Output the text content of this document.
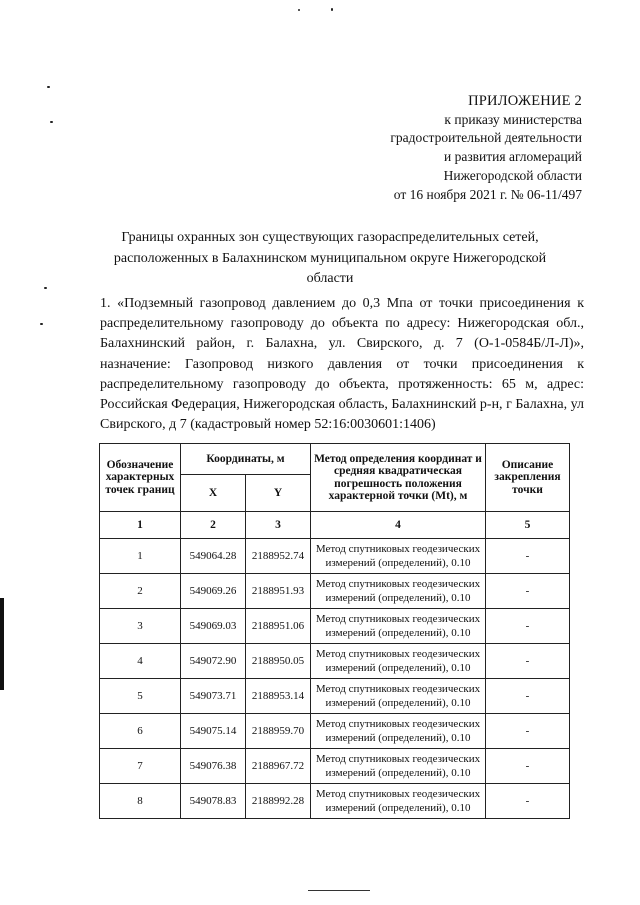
ПРИЛОЖЕНИЕ 2
к приказу министерства
градостроительной деятельности
и развития агломераций
Нижегородской области
от 16 ноября 2021 г. № 06-11/497
Границы охранных зон существующих газораспределительных сетей,
расположенных в Балахнинском муниципальном округе Нижегородской
области
1. «Подземный газопровод давлением до 0,3 Мпа от точки присоединения к распределительному газопроводу до объекта по адресу: Нижегородская обл., Балахнинский район, г. Балахна, ул. Свирского, д. 7 (О-1-0584Б/Л-Л)», назначение: Газопровод низкого давления от точки присоединения к распределительному газопроводу до объекта, протяженность: 65 м, адрес: Российская Федерация, Нижегородская область, Балахнинский р-н, г Балахна, ул Свирского, д 7 (кадастровый номер 52:16:0030601:1406)
Обозначение характерных точек границ	Координаты, м		Метод определения координат и средняя квадратическая погрешность положения характерной точки (Mt), м	Описание закрепления точки
	X	Y		
1	2	3	4	5
1	549064.28	2188952.74	Метод спутниковых геодезических измерений (определений), 0.10	-
2	549069.26	2188951.93	Метод спутниковых геодезических измерений (определений), 0.10	-
3	549069.03	2188951.06	Метод спутниковых геодезических измерений (определений), 0.10	-
4	549072.90	2188950.05	Метод спутниковых геодезических измерений (определений), 0.10	-
5	549073.71	2188953.14	Метод спутниковых геодезических измерений (определений), 0.10	-
6	549075.14	2188959.70	Метод спутниковых геодезических измерений (определений), 0.10	-
7	549076.38	2188967.72	Метод спутниковых геодезических измерений (определений), 0.10	-
8	549078.83	2188992.28	Метод спутниковых геодезических измерений (определений), 0.10	-
